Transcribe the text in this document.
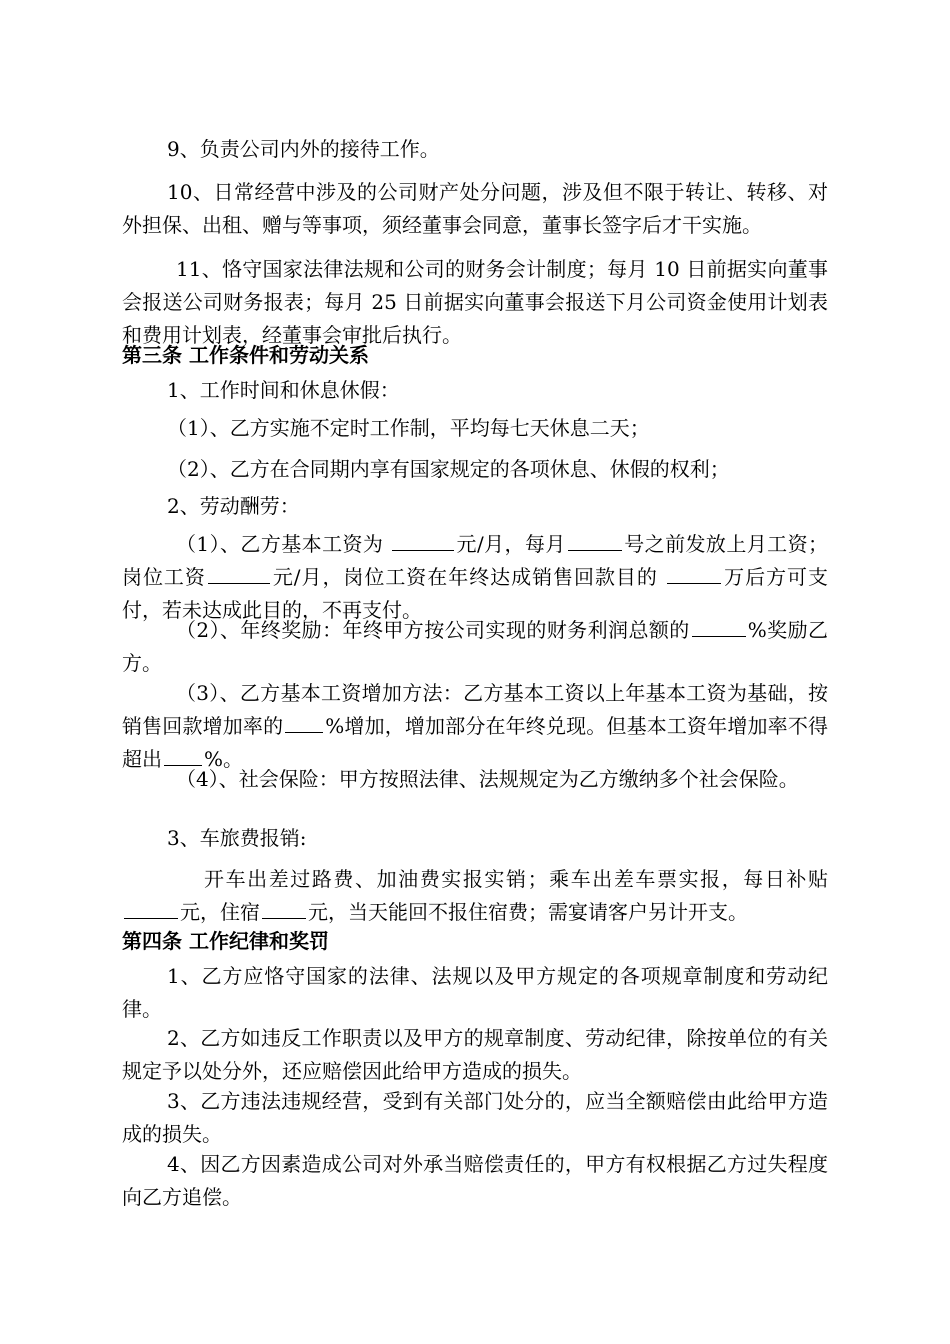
9、负责公司内外的接待工作。

10、日常经营中涉及的公司财产处分问题，涉及但不限于转让、转移、对外担保、出租、赠与等事项，须经董事会同意，董事长签字后才干实施。

11、恪守国家法律法规和公司的财务会计制度；每月 10 日前据实向董事会报送公司财务报表；每月 25 日前据实向董事会报送下月公司资金使用计划表和费用计划表，经董事会审批后执行。

第三条 工作条件和劳动关系

1、工作时间和休息休假：

（1）、乙方实施不定时工作制，平均每七天休息二天；

（2）、乙方在合同期内享有国家规定的各项休息、休假的权利；

2、劳动酬劳：

（1）、乙方基本工资为	元/月，每月	号之前发放上月工资；岗位工资	元/月，岗位工资在年终达成销售回款目的	万后方可支付，若未达成此目的，不再支付。

（2）、年终奖励：年终甲方按公司实现的财务利润总额的	%奖励乙方。

（3）、乙方基本工资增加方法：乙方基本工资以上年基本工资为基础，按销售回款增加率的 %增加，增加部分在年终兑现。但基本工资年增加率不得超出 %。

（4）、社会保险：甲方按照法律、法规规定为乙方缴纳多个社会保险。

3、车旅费报销:

开车出差过路费、加油费实报实销；乘车出差车票实报，每日补贴元，住宿 元，当天能回不报住宿费；需宴请客户另计开支。

第四条 工作纪律和奖罚

1、乙方应恪守国家的法律、法规以及甲方规定的各项规章制度和劳动纪律。

2、乙方如违反工作职责以及甲方的规章制度、劳动纪律，除按单位的有关规定予以处分外，还应赔偿因此给甲方造成的损失。

3、乙方违法违规经营，受到有关部门处分的，应当全额赔偿由此给甲方造成的损失。

4、因乙方因素造成公司对外承当赔偿责任的，甲方有权根据乙方过失程度向乙方追偿。
